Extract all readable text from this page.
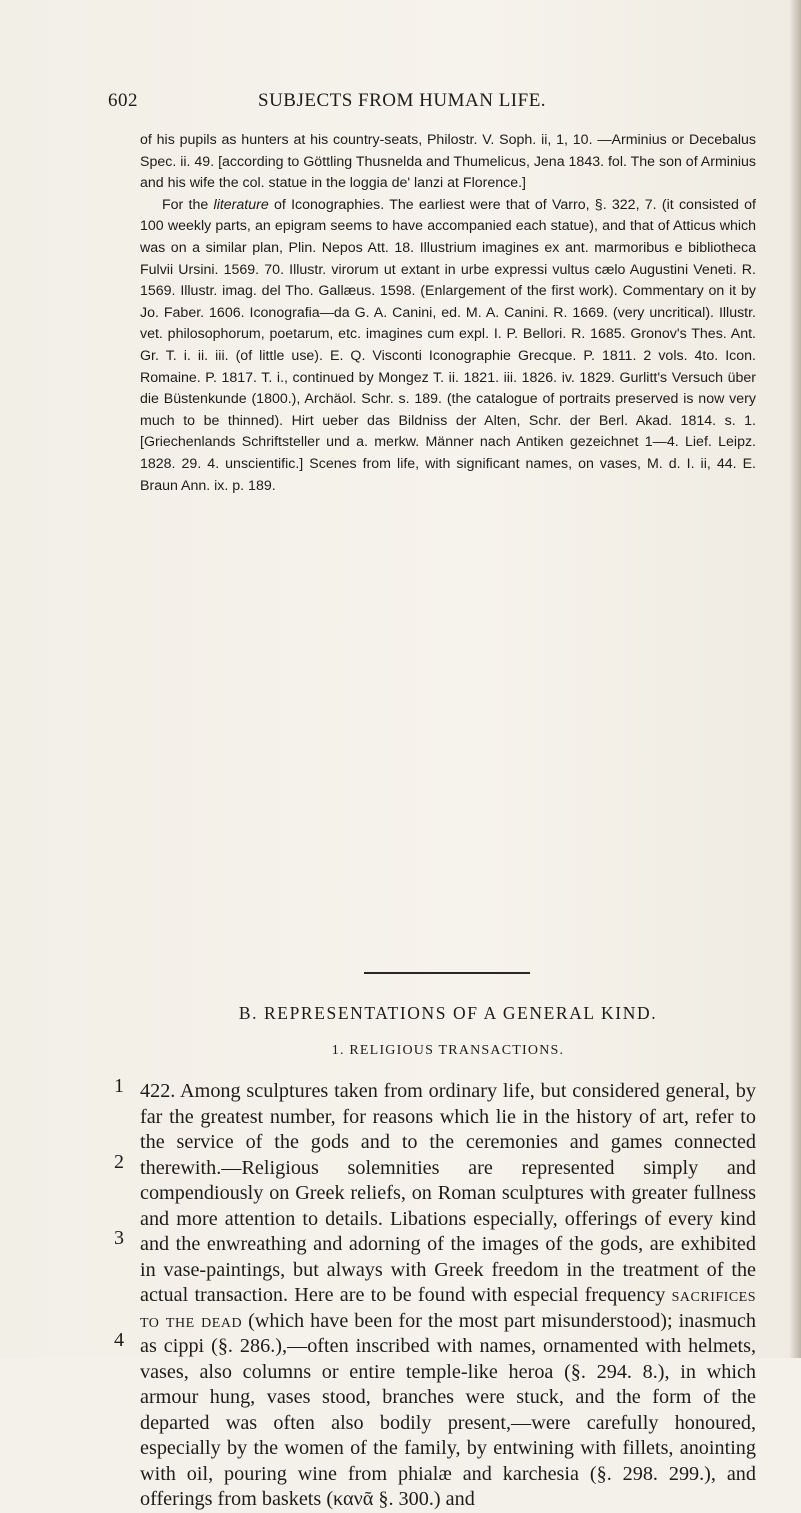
602	SUBJECTS FROM HUMAN LIFE.

of his pupils as hunters at his country-seats, Philostr. V. Soph. ii, 1, 10. —Arminius or Decebalus Spec. ii. 49. [according to Göttling Thusnelda and Thumelicus, Jena 1843. fol. The son of Arminius and his wife the col. statue in the loggia de' lanzi at Florence.]

For the literature of Iconographies. The earliest were that of Varro, §. 322, 7. (it consisted of 100 weekly parts, an epigram seems to have accompanied each statue), and that of Atticus which was on a similar plan, Plin. Nepos Att. 18. Illustrium imagines ex ant. marmoribus e bibliotheca Fulvii Ursini. 1569. 70. Illustr. virorum ut extant in urbe expressi vultus cælo Augustini Veneti. R. 1569. Illustr. imag. del Tho. Gallæus. 1598. (Enlargement of the first work). Commentary on it by Jo. Faber. 1606. Iconografia—da G. A. Canini, ed. M. A. Canini. R. 1669. (very uncritical). Illustr. vet. philosophorum, poetarum, etc. imagines cum expl. I. P. Bellori. R. 1685. Gronov's Thes. Ant. Gr. T. i. ii. iii. (of little use). E. Q. Visconti Iconographie Grecque. P. 1811. 2 vols. 4to. Icon. Romaine. P. 1817. T. i., continued by Mongez T. ii. 1821. iii. 1826. iv. 1829. Gurlitt's Versuch über die Büstenkunde (1800.), Archäol. Schr. s. 189. (the catalogue of portraits preserved is now very much to be thinned). Hirt ueber das Bildniss der Alten, Schr. der Berl. Akad. 1814. s. 1. [Griechenlands Schriftsteller und a. merkw. Männer nach Antiken gezeichnet 1—4. Lief. Leipz. 1828. 29. 4. unscientific.] Scenes from life, with significant names, on vases, M. d. I. ii, 44. E. Braun Ann. ix. p. 189.

B. REPRESENTATIONS OF A GENERAL KIND.
1. RELIGIOUS TRANSACTIONS.
1
2
3
4

422. Among sculptures taken from ordinary life, but considered general, by far the greatest number, for reasons which lie in the history of art, refer to the service of the gods and to the ceremonies and games connected therewith.—Religious solemnities are represented simply and compendiously on Greek reliefs, on Roman sculptures with greater fullness and more attention to details. Libations especially, offerings of every kind and the enwreathing and adorning of the images of the gods, are exhibited in vase-paintings, but always with Greek freedom in the treatment of the actual transaction. Here are to be found with especial frequency sacrifices to the dead (which have been for the most part misunderstood); inasmuch as cippi (§. 286.),—often inscribed with names, ornamented with helmets, vases, also columns or entire temple-like heroa (§. 294. 8.), in which armour hung, vases stood, branches were stuck, and the form of the departed was often also bodily present,—were carefully honoured, especially by the women of the family, by entwining with fillets, anointing with oil, pouring wine from phialæ and karchesia (§. 298. 299.), and offerings from baskets (κανᾶ §. 300.) and
